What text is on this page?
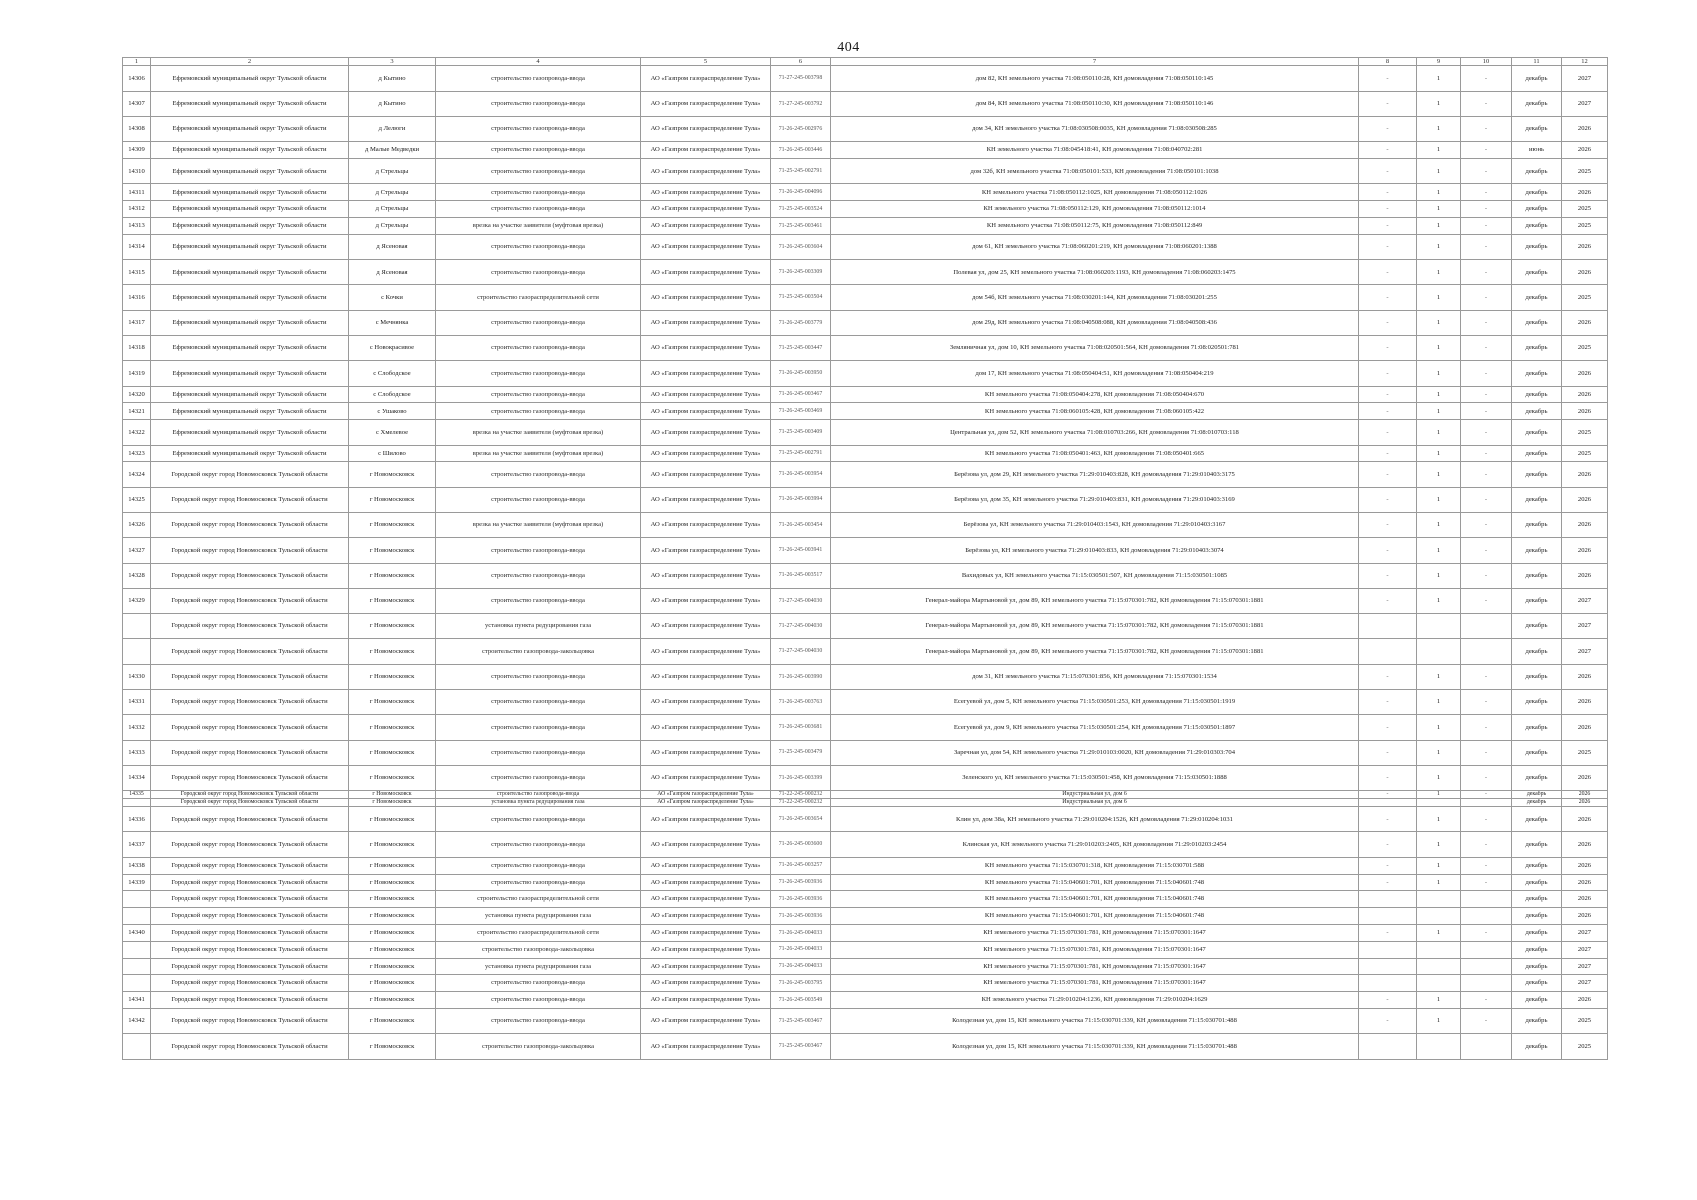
404
1	2	3	4	5	6	7	8	9	10	11	12
14306	Ефремовский муниципальный округ Тульской области	д Кытино	строительство газопровода-ввода	АО «Газпром газораспределение Тула»	71-27-245-003798	дом 82, КН земельного участка 71:08:050110:28, КН домовладения 71:08:050110:145	-	1	-	декабрь	2027
14307	Ефремовский муниципальный округ Тульской области	д Кытино	строительство газопровода-ввода	АО «Газпром газораспределение Тула»	71-27-245-003792	дом 84, КН земельного участка 71:08:050110:30, КН домовладения 71:08:050110:146	-	1	-	декабрь	2027
14308	Ефремовский муниципальный округ Тульской области	д Лелюги	строительство газопровода-ввода	АО «Газпром газораспределение Тула»	71-26-245-002976	дом 34, КН земельного участка 71:08:030508:0035, КН домовладения 71:08:030508:285	-	1	-	декабрь	2026
14309	Ефремовский муниципальный округ Тульской области	д Малые Медведки	строительство газопровода-ввода	АО «Газпром газораспределение Тула»	71-26-245-003446	КН земельного участка 71:08:045418:41, КН домовладения 71:08:040702:281	-	1	-	июнь	2026
14310	Ефремовский муниципальный округ Тульской области	д Стрельцы	строительство газопровода-ввода	АО «Газпром газораспределение Тула»	71-25-245-002791	дом 32б, КН земельного участка 71:08:050101:533, КН домовладения 71:08:050101:1038	-	1	-	декабрь	2025
14311	Ефремовский муниципальный округ Тульской области	д Стрельцы	строительство газопровода-ввода	АО «Газпром газораспределение Тула»	71-26-245-004096	КН земельного участка 71:08:050112:1025, КН домовладения 71:08:050112:1026	-	1	-	декабрь	2026
14312	Ефремовский муниципальный округ Тульской области	д Стрельцы	строительство газопровода-ввода	АО «Газпром газораспределение Тула»	71-25-245-003524	КН земельного участка 71:08:050112:129, КН домовладения 71:08:050112:1014	-	1	-	декабрь	2025
14313	Ефремовский муниципальный округ Тульской области	д Стрельцы	врезка на участке заявителя (муфтовая врезка)	АО «Газпром газораспределение Тула»	71-25-245-003461	КН земельного участка 71:08:050112:75, КН домовладения 71:08:050112:849	-	1	-	декабрь	2025
14314	Ефремовский муниципальный округ Тульской области	д Ясеновая	строительство газопровода-ввода	АО «Газпром газораспределение Тула»	71-26-245-003604	дом 61, КН земельного участка 71:08:060201:219, КН домовладения 71:08:060201:1388	-	1	-	декабрь	2026
14315	Ефремовский муниципальный округ Тульской области	д Ясеновая	строительство газопровода-ввода	АО «Газпром газораспределение Тула»	71-26-245-003309	Полевая ул, дом 25, КН земельного участка 71:08:060203:1193, КН домовладения 71:08:060203:1475	-	1	-	декабрь	2026
14316	Ефремовский муниципальный округ Тульской области	с Кочки	строительство газораспределительной сети	АО «Газпром газораспределение Тула»	71-25-245-003504	дом 54б, КН земельного участка 71:08:030201:144, КН домовладения 71:08:030201:255	-	1	-	декабрь	2025
14317	Ефремовский муниципальный округ Тульской области	с Мечнянка	строительство газопровода-ввода	АО «Газпром газораспределение Тула»	71-26-245-003779	дом 29д, КН земельного участка 71:08:040508:088, КН домовладения 71:08:040508:436	-	1	-	декабрь	2026
14318	Ефремовский муниципальный округ Тульской области	с Новокрасивое	строительство газопровода-ввода	АО «Газпром газораспределение Тула»	71-25-245-003447	Земляничная ул, дом 10, КН земельного участка 71:08:020501:564, КН домовладения 71:08:020501:781	-	1	-	декабрь	2025
14319	Ефремовский муниципальный округ Тульской области	с Слободское	строительство газопровода-ввода	АО «Газпром газораспределение Тула»	71-26-245-003950	дом 17, КН земельного участка 71:08:050404:51, КН домовладения 71:08:050404:219	-	1	-	декабрь	2026
14320	Ефремовский муниципальный округ Тульской области	с Слободское	строительство газопровода-ввода	АО «Газпром газораспределение Тула»	71-26-245-003467	КН земельного участка 71:08:050404:278, КН домовладения 71:08:050404:670	-	1	-	декабрь	2026
14321	Ефремовский муниципальный округ Тульской области	с Ушаково	строительство газопровода-ввода	АО «Газпром газораспределение Тула»	71-26-245-003469	КН земельного участка 71:08:060105:428, КН домовладения 71:08:060105:422	-	1	-	декабрь	2026
14322	Ефремовский муниципальный округ Тульской области	с Хмелевое	врезка на участке заявителя (муфтовая врезка)	АО «Газпром газораспределение Тула»	71-25-245-003409	Центральная ул, дом 52, КН земельного участка 71:08:010703:266, КН домовладения 71:08:010703:118	-	1	-	декабрь	2025
14323	Ефремовский муниципальный округ Тульской области	с Шилово	врезка на участке заявителя (муфтовая врезка)	АО «Газпром газораспределение Тула»	71-25-245-002791	КН земельного участка 71:08:050401:463, КН домовладения 71:08:050401:665	-	1	-	декабрь	2025
14324	Городской округ город Новомосковск Тульской области	г Новомосковск	строительство газопровода-ввода	АО «Газпром газораспределение Тула»	71-26-245-003954	Берёзова ул, дом 29, КН земельного участка 71:29:010403:828, КН домовладения 71:29:010403:3175	-	1	-	декабрь	2026
14325	Городской округ город Новомосковск Тульской области	г Новомосковск	строительство газопровода-ввода	АО «Газпром газораспределение Тула»	71-26-245-003994	Берёзова ул, дом 35, КН земельного участка 71:29:010403:831, КН домовладения 71:29:010403:3169	-	1	-	декабрь	2026
14326	Городской округ город Новомосковск Тульской области	г Новомосковск	врезка на участке заявителя (муфтовая врезка)	АО «Газпром газораспределение Тула»	71-26-245-003454	Берёзова ул, КН земельного участка 71:29:010403:1543, КН домовладения 71:29:010403:3167	-	1	-	декабрь	2026
14327	Городской округ город Новомосковск Тульской области	г Новомосковск	строительство газопровода-ввода	АО «Газпром газораспределение Тула»	71-26-245-003941	Берёзова ул, КН земельного участка 71:29:010403:833, КН домовладения 71:29:010403:3074	-	1	-	декабрь	2026
14328	Городской округ город Новомосковск Тульской области	г Новомосковск	строительство газопровода-ввода	АО «Газпром газораспределение Тула»	71-26-245-003517	Вахидовых ул, КН земельного участка 71:15:030501:507, КН домовладения 71:15:030501:1085	-	1	-	декабрь	2026
14329	Городской округ город Новомосковск Тульской области	г Новомосковск	строительство газопровода-ввода	АО «Газпром газораспределение Тула»	71-27-245-004030	Генерал-майора Мартыновой ул, дом 89, КН земельного участка 71:15:070301:782, КН домовладения 71:15:070301:1881	-	1	-	декабрь	2027
	Городской округ город Новомосковск Тульской области	г Новомосковск	установка пункта редуцирования газа	АО «Газпром газораспределение Тула»	71-27-245-004030	Генерал-майора Мартыновой ул, дом 89, КН земельного участка 71:15:070301:782, КН домовладения 71:15:070301:1881				декабрь	2027
	Городской округ город Новомосковск Тульской области	г Новомосковск	строительство газопровода-закольцовка	АО «Газпром газораспределение Тула»	71-27-245-004030	Генерал-майора Мартыновой ул, дом 89, КН земельного участка 71:15:070301:782, КН домовладения 71:15:070301:1881				декабрь	2027
14330	Городской округ город Новомосковск Тульской области	г Новомосковск	строительство газопровода-ввода	АО «Газпром газораспределение Тула»	71-26-245-003990	дом 31, КН земельного участка 71:15:070301:856, КН домовладения 71:15:070301:1534	-	1	-	декабрь	2026
14331	Городской округ город Новомосковск Тульской области	г Новомосковск	строительство газопровода-ввода	АО «Газпром газораспределение Тула»	71-26-245-003763	Есегуевой ул, дом 5, КН земельного участка 71:15:030501:253, КН домовладения 71:15:030501:1919	-	1	-	декабрь	2026
14332	Городской округ город Новомосковск Тульской области	г Новомосковск	строительство газопровода-ввода	АО «Газпром газораспределение Тула»	71-26-245-003681	Есегуевой ул, дом 9, КН земельного участка 71:15:030501:254, КН домовладения 71:15:030501:1897	-	1	-	декабрь	2026
14333	Городской округ город Новомосковск Тульской области	г Новомосковск	строительство газопровода-ввода	АО «Газпром газораспределение Тула»	71-25-245-003479	Заречная ул, дом 54, КН земельного участка 71:29:010103:0020, КН домовладения 71:29:010303:704	-	1	-	декабрь	2025
14334	Городской округ город Новомосковск Тульской области	г Новомосковск	строительство газопровода-ввода	АО «Газпром газораспределение Тула»	71-26-245-003399	Зеленского ул, КН земельного участка 71:15:030501:458, КН домовладения 71:15:030501:1888	-	1	-	декабрь	2026
14335	Городской округ город Новомосковск Тульской области	г Новомосковск	строительство газопровода-ввода	АО «Газпром газораспределение Тула»	71-22-245-000232	Индустриальная ул, дом 6	-	1	-	декабрь	2026
	Городской округ город Новомосковск Тульской области	г Новомосковск	установка пункта редуцирования газа	АО «Газпром газораспределение Тула»	71-22-245-000232	Индустриальная ул, дом 6				декабрь	2026
14336	Городской округ город Новомосковск Тульской области	г Новомосковск	строительство газопровода-ввода	АО «Газпром газораспределение Тула»	71-26-245-003654	Клин ул, дом 38а, КН земельного участка 71:29:010204:1526, КН домовладения 71:29:010204:1031	-	1	-	декабрь	2026
14337	Городской округ город Новомосковск Тульской области	г Новомосковск	строительство газопровода-ввода	АО «Газпром газораспределение Тула»	71-26-245-003600	Клинская ул, КН земельного участка 71:29:010203:2405, КН домовладения 71:29:010203:2454	-	1	-	декабрь	2026
14338	Городской округ город Новомосковск Тульской области	г Новомосковск	строительство газопровода-ввода	АО «Газпром газораспределение Тула»	71-26-245-003257	КН земельного участка 71:15:030701:318, КН домовладения 71:15:030701:588	-	1	-	декабрь	2026
14339	Городской округ город Новомосковск Тульской области	г Новомосковск	строительство газопровода-ввода	АО «Газпром газораспределение Тула»	71-26-245-003936	КН земельного участка 71:15:040601:701, КН домовладения 71:15:040601:748	-	1	-	декабрь	2026
	Городской округ город Новомосковск Тульской области	г Новомосковск	строительство газораспределительной сети	АО «Газпром газораспределение Тула»	71-26-245-003936	КН земельного участка 71:15:040601:701, КН домовладения 71:15:040601:748				декабрь	2026
	Городской округ город Новомосковск Тульской области	г Новомосковск	установка пункта редуцирования газа	АО «Газпром газораспределение Тула»	71-26-245-003936	КН земельного участка 71:15:040601:701, КН домовладения 71:15:040601:748				декабрь	2026
14340	Городской округ город Новомосковск Тульской области	г Новомосковск	строительство газораспределительной сети	АО «Газпром газораспределение Тула»	71-26-245-004033	КН земельного участка 71:15:070301:781, КН домовладения 71:15:070301:1647	-	1	-	декабрь	2027
	Городской округ город Новомосковск Тульской области	г Новомосковск	строительство газопровода-закольцовка	АО «Газпром газораспределение Тула»	71-26-245-004033	КН земельного участка 71:15:070301:781, КН домовладения 71:15:070301:1647				декабрь	2027
	Городской округ город Новомосковск Тульской области	г Новомосковск	установка пункта редуцирования газа	АО «Газпром газораспределение Тула»	71-26-245-004033	КН земельного участка 71:15:070301:781, КН домовладения 71:15:070301:1647				декабрь	2027
	Городской округ город Новомосковск Тульской области	г Новомосковск	строительство газопровода-ввода	АО «Газпром газораспределение Тула»	71-26-245-003795	КН земельного участка 71:15:070301:781, КН домовладения 71:15:070301:1647				декабрь	2027
14341	Городской округ город Новомосковск Тульской области	г Новомосковск	строительство газопровода-ввода	АО «Газпром газораспределение Тула»	71-26-245-003549	КН земельного участка 71:29:010204:1236, КН домовладения 71:29:010204:1629	-	1	-	декабрь	2026
14342	Городской округ город Новомосковск Тульской области	г Новомосковск	строительство газопровода-ввода	АО «Газпром газораспределение Тула»	71-25-245-003467	Колодезная ул, дом 15, КН земельного участка 71:15:030701:339, КН домовладения 71:15:030701:488	-	1	-	декабрь	2025
	Городской округ город Новомосковск Тульской области	г Новомосковск	строительство газопровода-закольцовка	АО «Газпром газораспределение Тула»	71-25-245-003467	Колодезная ул, дом 15, КН земельного участка 71:15:030701:339, КН домовладения 71:15:030701:488				декабрь	2025
